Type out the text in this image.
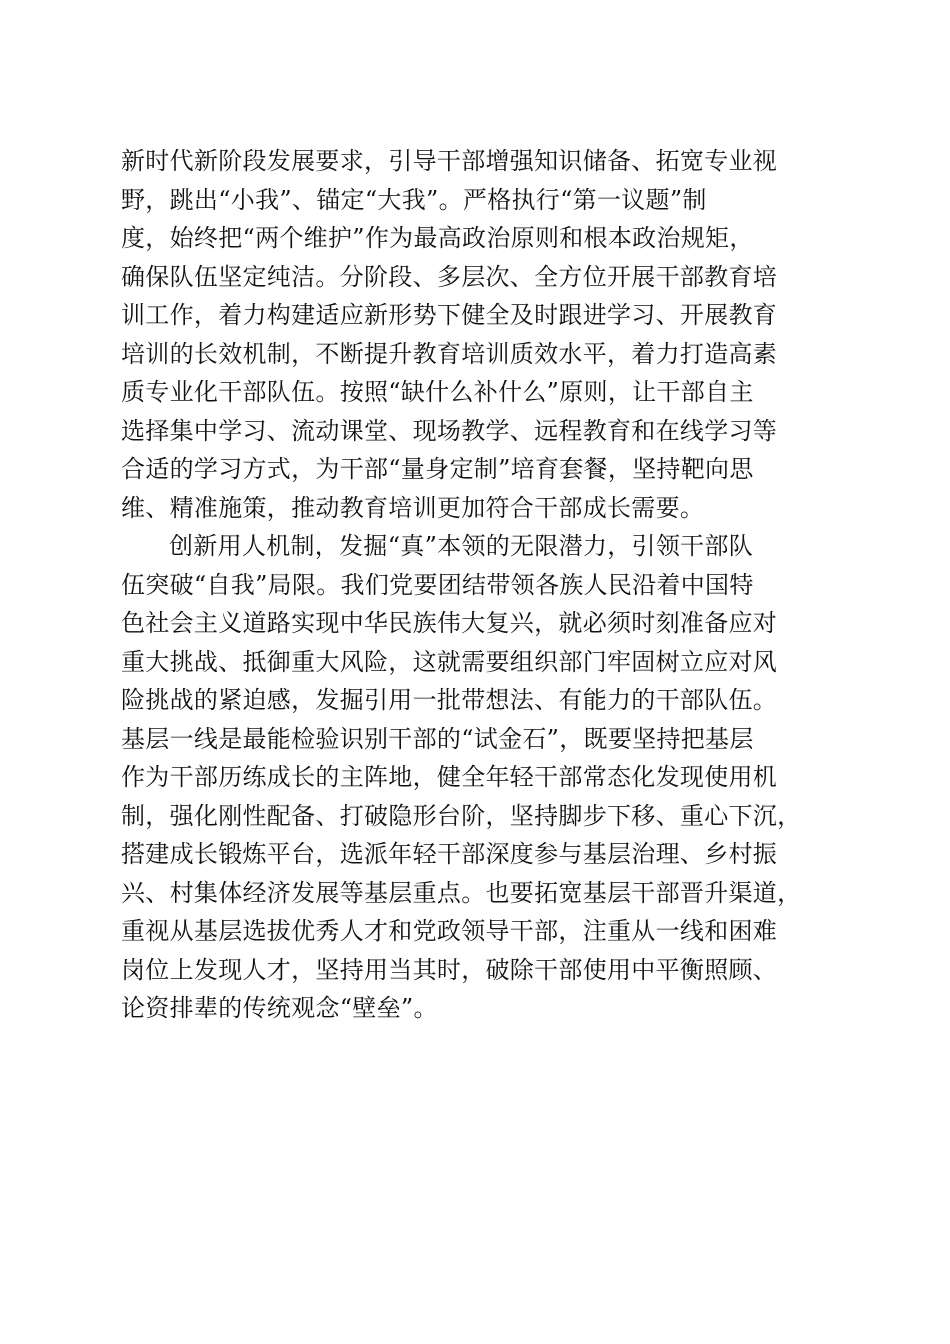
新时代新阶段发展要求，引导干部增强知识储备、拓宽专业视
野，跳出“小我”、锚定“大我”。严格执行“第一议题”制
度，始终把“两个维护”作为最高政治原则和根本政治规矩，
确保队伍坚定纯洁。分阶段、多层次、全方位开展干部教育培
训工作，着力构建适应新形势下健全及时跟进学习、开展教育
培训的长效机制，不断提升教育培训质效水平，着力打造高素
质专业化干部队伍。按照“缺什么补什么”原则，让干部自主
选择集中学习、流动课堂、现场教学、远程教育和在线学习等
合适的学习方式，为干部“量身定制”培育套餐，坚持靶向思
维、精准施策，推动教育培训更加符合干部成长需要。
创新用人机制，发掘“真”本领的无限潜力，引领干部队
伍突破“自我”局限。我们党要团结带领各族人民沿着中国特
色社会主义道路实现中华民族伟大复兴，就必须时刻准备应对
重大挑战、抵御重大风险，这就需要组织部门牢固树立应对风
险挑战的紧迫感，发掘引用一批带想法、有能力的干部队伍。
基层一线是最能检验识别干部的“试金石”，既要坚持把基层
作为干部历练成长的主阵地，健全年轻干部常态化发现使用机
制，强化刚性配备、打破隐形台阶，坚持脚步下移、重心下沉，
搭建成长锻炼平台，选派年轻干部深度参与基层治理、乡村振
兴、村集体经济发展等基层重点。也要拓宽基层干部晋升渠道，
重视从基层选拔优秀人才和党政领导干部，注重从一线和困难
岗位上发现人才，坚持用当其时，破除干部使用中平衡照顾、
论资排辈的传统观念“壁垒”。
